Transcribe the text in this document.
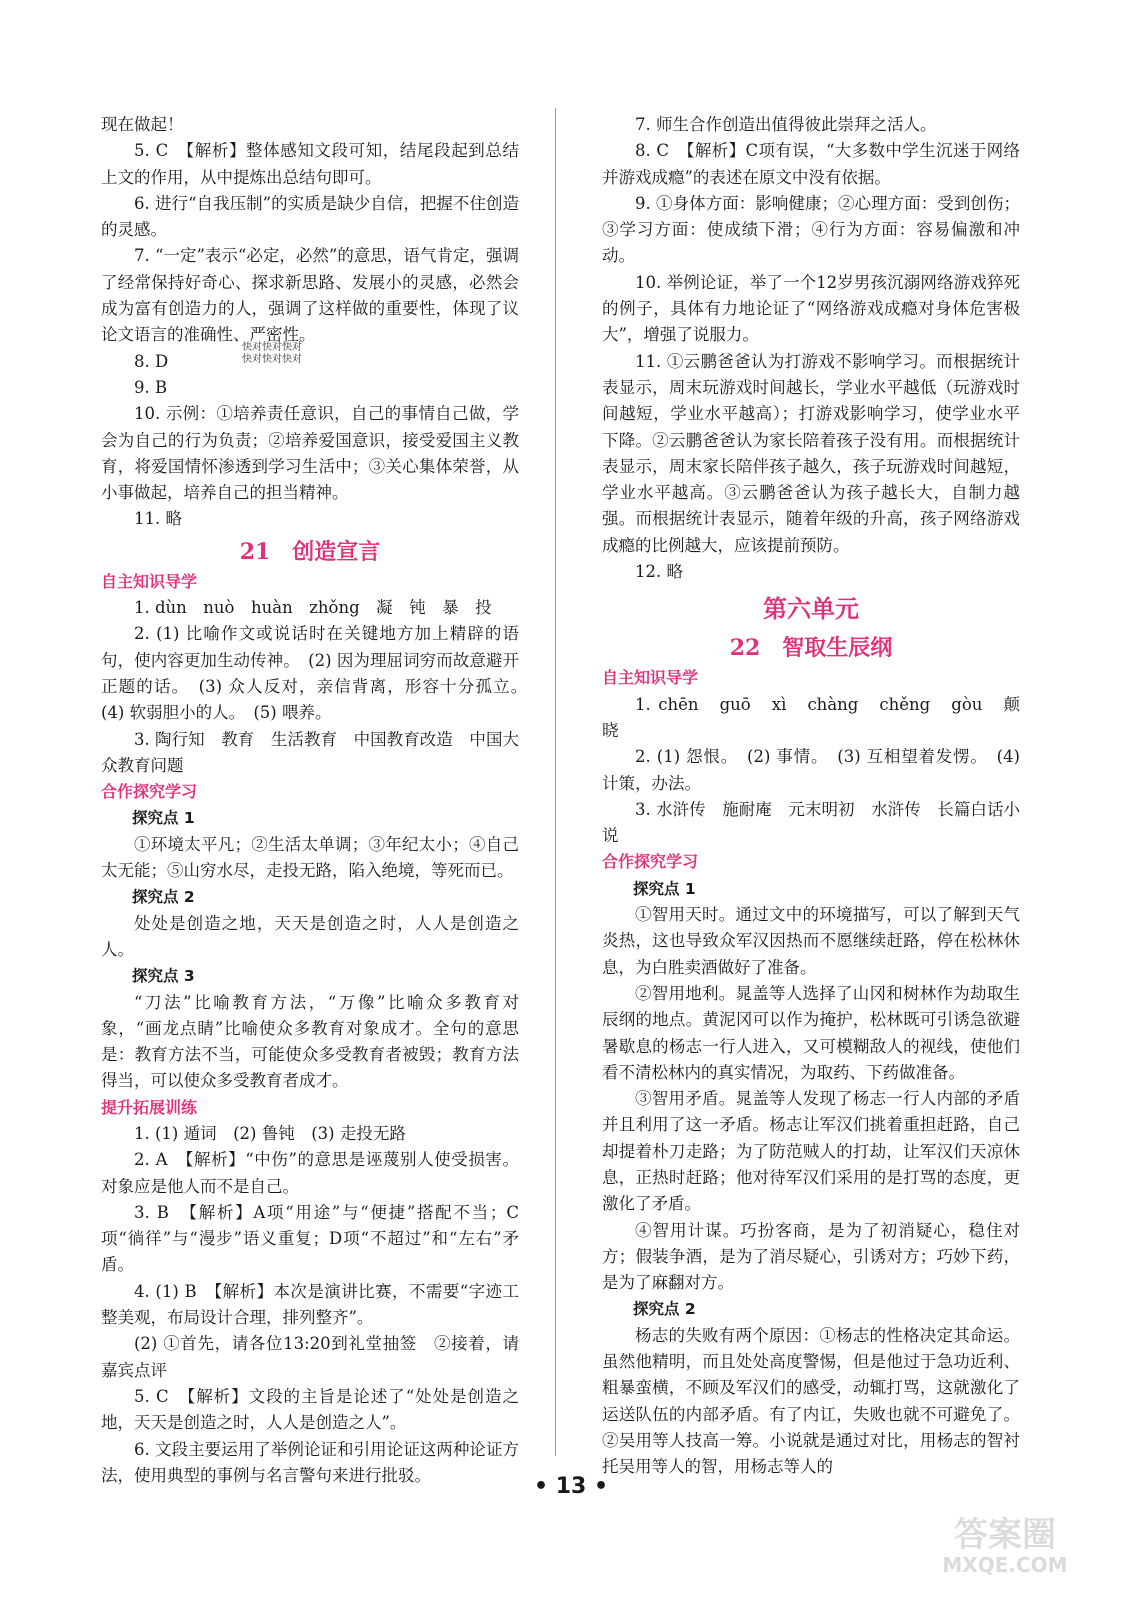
现在做起！
5. C　【解析】整体感知文段可知，结尾段起到总结上文的作用，从中提炼出总结句即可。
6. 进行“自我压制”的实质是缺少自信，把握不住创造的灵感。
7. “一定”表示“必定，必然”的意思，语气肯定，强调了经常保持好奇心、探求新思路、发展小的灵感，必然会成为富有创造力的人，强调了这样做的重要性，体现了议论文语言的准确性、严密性。
8. D
9. B
10. 示例：①培养责任意识，自己的事情自己做，学会为自己的行为负责；②培养爱国意识，接受爱国主义教育，将爱国情怀渗透到学习生活中；③关心集体荣誉，从小事做起，培养自己的担当精神。
11. 略
21　创造宣言
自主知识导学
1. dùn　nuò　huàn　zhǒng　凝　钝　暴　投
2. (1) 比喻作文或说话时在关键地方加上精辟的语句，使内容更加生动传神。　(2) 因为理屈词穷而故意避开正题的话。　(3) 众人反对，亲信背离，形容十分孤立。　(4) 软弱胆小的人。　(5) 喂养。
3. 陶行知　教育　生活教育　中国教育改造　中国大众教育问题
合作探究学习
探究点 1
①环境太平凡；②生活太单调；③年纪太小；④自己太无能；⑤山穷水尽，走投无路，陷入绝境，等死而已。
探究点 2
处处是创造之地，天天是创造之时，人人是创造之人。
探究点 3
“刀法”比喻教育方法，“万像”比喻众多教育对象，“画龙点睛”比喻使众多教育对象成才。全句的意思是：教育方法不当，可能使众多受教育者被毁；教育方法得当，可以使众多受教育者成才。
提升拓展训练
1. (1) 遁词　(2) 鲁钝　(3) 走投无路
2. A　【解析】“中伤”的意思是诬蔑别人使受损害。对象应是他人而不是自己。
3. B　【解析】A项“用途”与“便捷”搭配不当；C项“徜徉”与“漫步”语义重复；D项“不超过”和“左右”矛盾。
4. (1) B　【解析】本次是演讲比赛，不需要“字迹工整美观，布局设计合理，排列整齐”。
(2) ①首先，请各位13:20到礼堂抽签　②接着，请嘉宾点评
5. C　【解析】文段的主旨是论述了“处处是创造之地，天天是创造之时，人人是创造之人”。
6. 文段主要运用了举例论证和引用论证这两种论证方法，使用典型的事例与名言警句来进行批驳。
7. 师生合作创造出值得彼此崇拜之活人。
8. C　【解析】C项有误，“大多数中学生沉迷于网络并游戏成瘾”的表述在原文中没有依据。
9. ①身体方面：影响健康；②心理方面：受到创伤；③学习方面：使成绩下滑；④行为方面：容易偏激和冲动。
10. 举例论证，举了一个12岁男孩沉溺网络游戏猝死的例子，具体有力地论证了“网络游戏成瘾对身体危害极大”，增强了说服力。
11. ①云鹏爸爸认为打游戏不影响学习。而根据统计表显示，周末玩游戏时间越长，学业水平越低（玩游戏时间越短，学业水平越高）；打游戏影响学习，使学业水平下降。②云鹏爸爸认为家长陪着孩子没有用。而根据统计表显示，周末家长陪伴孩子越久，孩子玩游戏时间越短，学业水平越高。③云鹏爸爸认为孩子越长大，自制力越强。而根据统计表显示，随着年级的升高，孩子网络游戏成瘾的比例越大，应该提前预防。
12. 略
第六单元
22　智取生辰纲
自主知识导学
1. chēn　guō　xì　chàng　chěng　gòu　颠　晓
2. (1) 怨恨。　(2) 事情。　(3) 互相望着发愣。　(4) 计策，办法。
3. 水浒传　施耐庵　元末明初　水浒传　长篇白话小说
合作探究学习
探究点 1
①智用天时。通过文中的环境描写，可以了解到天气炎热，这也导致众军汉因热而不愿继续赶路，停在松林休息，为白胜卖酒做好了准备。
②智用地利。晁盖等人选择了山冈和树林作为劫取生辰纲的地点。黄泥冈可以作为掩护，松林既可引诱急欲避暑歇息的杨志一行人进入，又可模糊敌人的视线，使他们看不清松林内的真实情况，为取药、下药做准备。
③智用矛盾。晁盖等人发现了杨志一行人内部的矛盾并且利用了这一矛盾。杨志让军汉们挑着重担赶路，自己却提着朴刀走路；为了防范贼人的打劫，让军汉们天凉休息，正热时赶路；他对待军汉们采用的是打骂的态度，更激化了矛盾。
④智用计谋。巧扮客商，是为了初消疑心，稳住对方；假装争酒，是为了消尽疑心，引诱对方；巧妙下药，是为了麻翻对方。
探究点 2
杨志的失败有两个原因：①杨志的性格决定其命运。虽然他精明，而且处处高度警惕，但是他过于急功近利、粗暴蛮横，不顾及军汉们的感受，动辄打骂，这就激化了运送队伍的内部矛盾。有了内讧，失败也就不可避免了。②吴用等人技高一筹。小说就是通过对比，用杨志的智衬托吴用等人的智，用杨志等人的
快对快对快对
快对快对快对
• 13 •
答案圈
MXQE.COM
